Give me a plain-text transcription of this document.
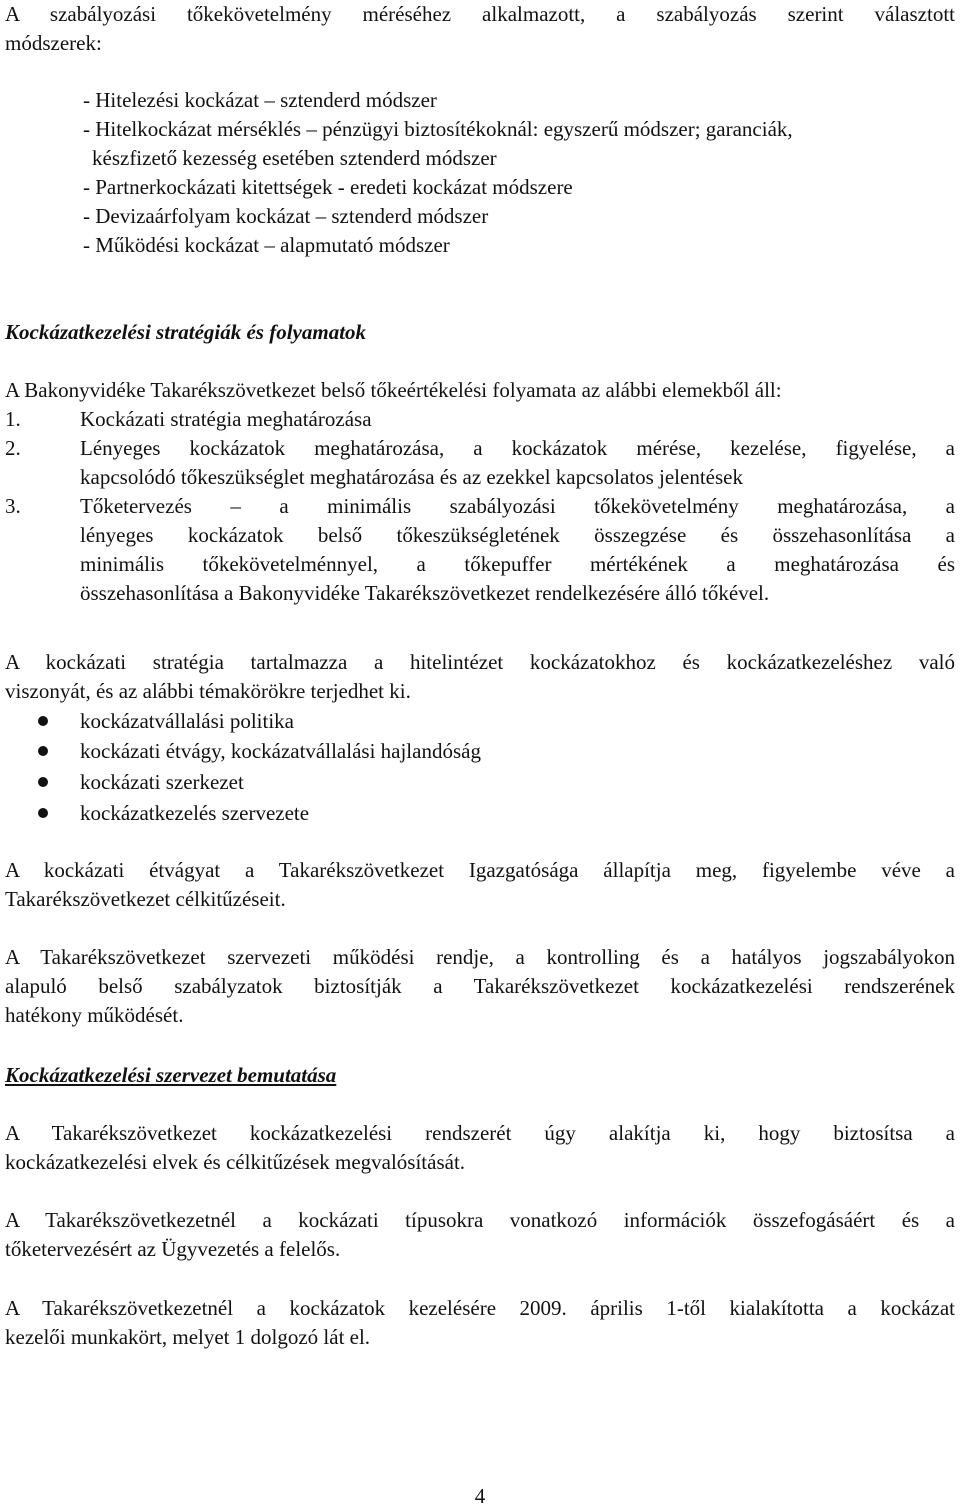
A szabályozási tőkekövetelmény méréséhez alkalmazott, a szabályozás szerint választott
módszerek:
- Hitelezési kockázat – sztenderd módszer
- Hitelkockázat mérséklés – pénzügyi biztosítékoknál: egyszerű módszer; garanciák,
készfizető kezesség esetében sztenderd módszer
- Partnerkockázati kitettségek - eredeti kockázat módszere
- Devizaárfolyam kockázat – sztenderd módszer
- Működési kockázat – alapmutató módszer
Kockázatkezelési stratégiák és folyamatok
A Bakonyvidéke Takarékszövetkezet belső tőkeértékelési folyamata az alábbi elemekből áll:
1.	Kockázati stratégia meghatározása
2.	Lényeges kockázatok meghatározása, a kockázatok mérése, kezelése, figyelése, a
kapcsolódó tőkeszükséglet meghatározása és az ezekkel kapcsolatos jelentések
3.	Tőketervezés – a minimális szabályozási tőkekövetelmény meghatározása, a
lényeges kockázatok belső tőkeszükségletének összegzése és összehasonlítása a
minimális tőkekövetelménnyel, a tőkepuffer mértékének a meghatározása és
összehasonlítása a Bakonyvidéke Takarékszövetkezet rendelkezésére álló tőkével.
A kockázati stratégia tartalmazza a hitelintézet kockázatokhoz és kockázatkezeléshez való
viszonyát, és az alábbi témakörökre terjedhet ki.
kockázatvállalási politika
kockázati étvágy, kockázatvállalási hajlandóság
kockázati szerkezet
kockázatkezelés szervezete
A kockázati étvágyat a Takarékszövetkezet Igazgatósága állapítja meg, figyelembe véve a
Takarékszövetkezet célkitűzéseit.
A Takarékszövetkezet szervezeti működési rendje, a kontrolling és a hatályos jogszabályokon
alapuló belső szabályzatok biztosítják a Takarékszövetkezet kockázatkezelési rendszerének
hatékony működését.
Kockázatkezelési szervezet bemutatása
A Takarékszövetkezet kockázatkezelési rendszerét úgy alakítja ki, hogy biztosítsa a
kockázatkezelési elvek és célkitűzések megvalósítását.
A Takarékszövetkezetnél a kockázati típusokra vonatkozó információk összefogásáért és a
tőketervezésért az Ügyvezetés a felelős.
A Takarékszövetkezetnél a kockázatok kezelésére 2009. április 1-től kialakította a kockázat
kezelői munkakört, melyet 1 dolgozó lát el.
4
